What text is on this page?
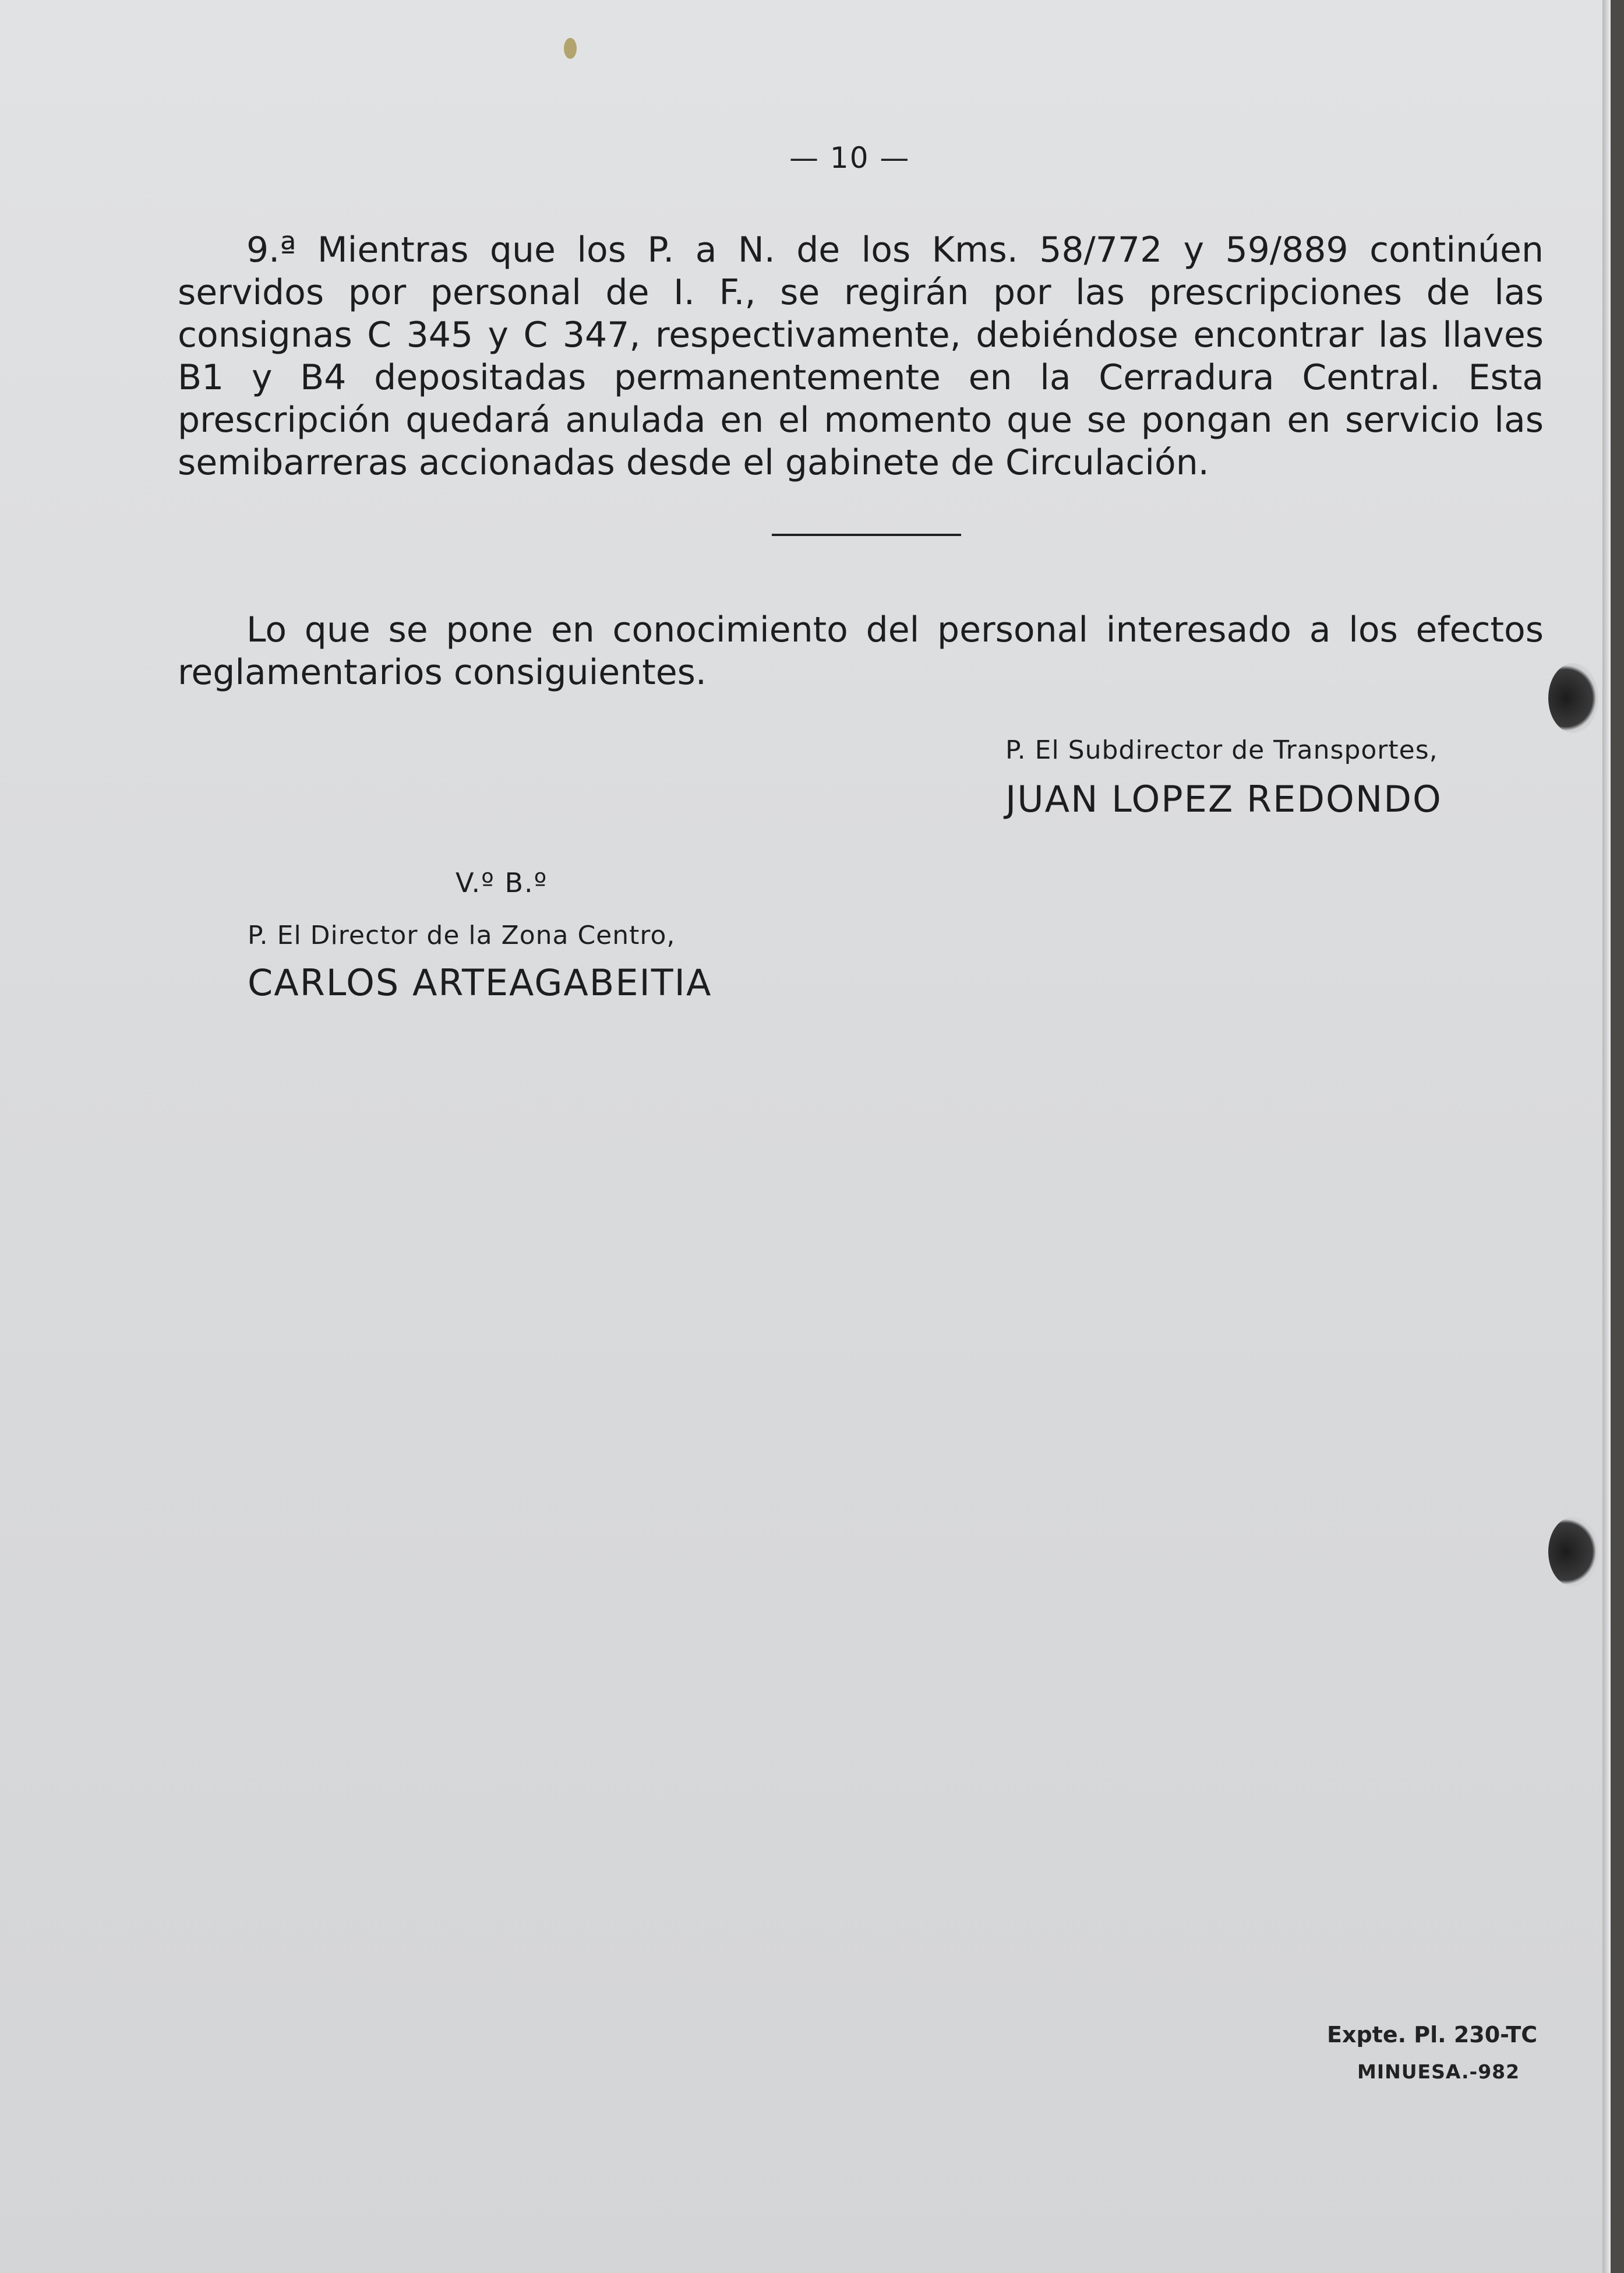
— 10 —

9.ª Mientras que los P. a N. de los Kms. 58/772 y 59/889 continúen servidos por personal de I. F., se regirán por las prescripciones de las consignas C 345 y C 347, respectivamente, debiéndose encontrar las llaves B1 y B4 depositadas permanentemente en la Cerradura Central. Esta prescripción quedará anulada en el momento que se pongan en servicio las semibarreras accionadas desde el gabinete de Circulación.

Lo que se pone en conocimiento del personal interesado a los efectos reglamentarios consiguientes.

P. El Subdirector de Transportes,
JUAN LOPEZ REDONDO
V.º B.º
P. El Director de la Zona Centro,
CARLOS ARTEAGABEITIA
Expte. Pl. 230-TC
MINUESA.-982
